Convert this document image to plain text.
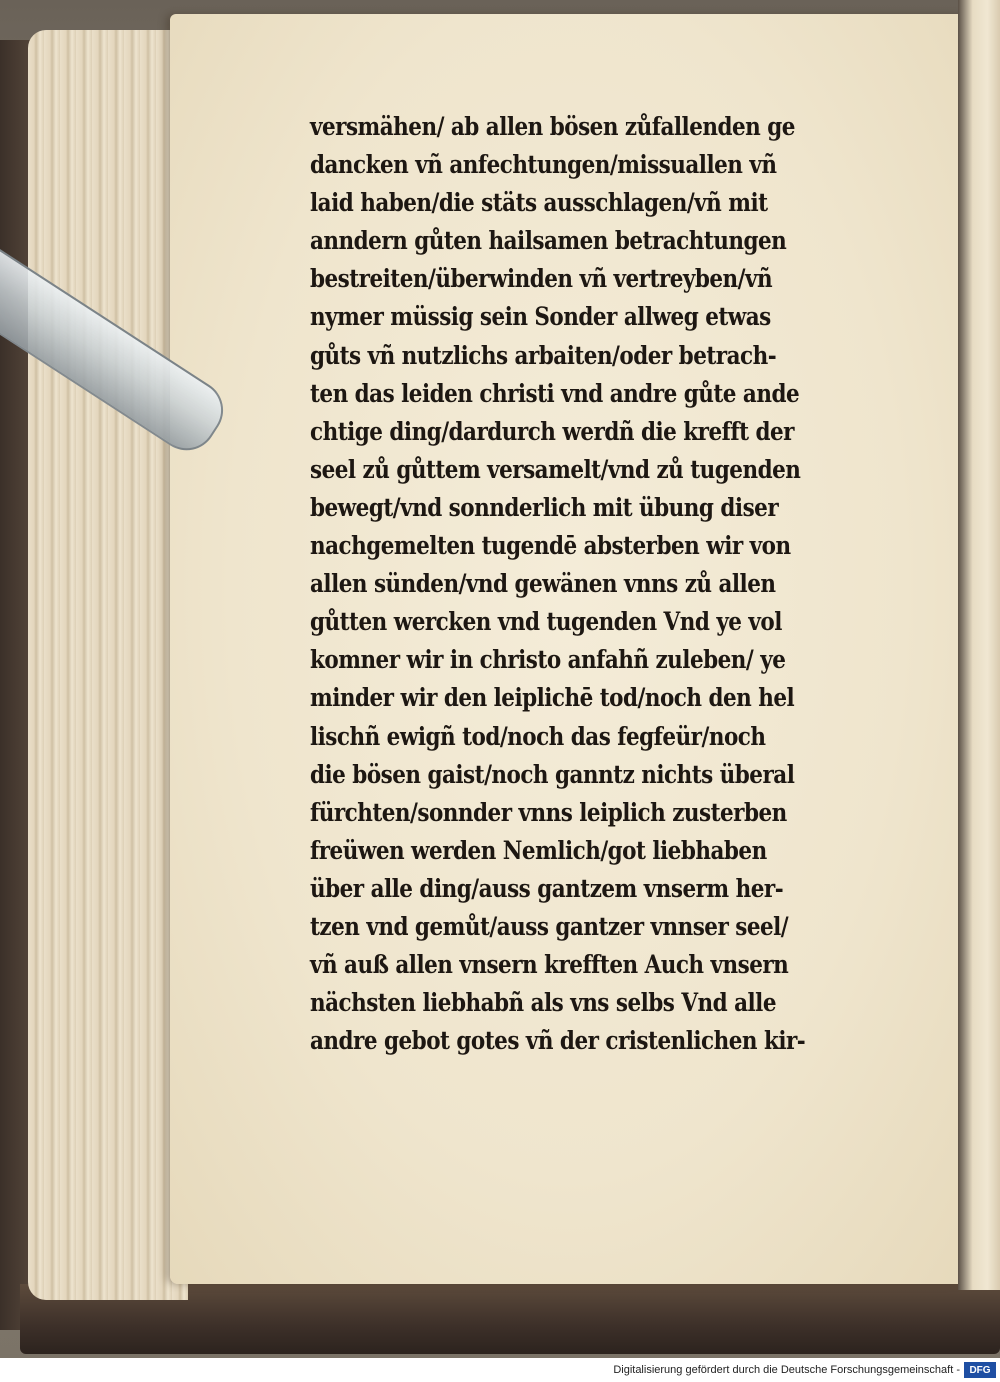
versmähen/ ab allen bösen zůfallenden ge
dancken vñ anfechtungen/missuallen vñ
laid haben/die stäts ausschlagen/vñ mit
anndern gůten hailsamen betrachtungen
bestreiten/überwinden vñ vertreyben/vñ
nymer müssig sein Sonder allweg etwas
gůts vñ nutzlichs arbaiten/oder betrach-
ten das leiden christi vnd andre gůte ande
chtige ding/dardurch werdñ die krefft der
seel zů gůttem versamelt/vnd zů tugenden
bewegt/vnd sonnderlich mit übung diser
nachgemelten tugendē absterben wir von
allen sünden/vnd gewänen vnns zů allen
gůtten wercken vnd tugenden Vnd ye vol
komner wir in christo anfahñ zuleben/ ye
minder wir den leiplichē tod/noch den hel
lischñ ewigñ tod/noch das fegfeür/noch
die bösen gaist/noch ganntz nichts überal
fürchten/sonnder vnns leiplich zusterben
freüwen werden Nemlich/got liebhaben
über alle ding/auss gantzem vnserm her-
tzen vnd gemůt/auss gantzer vnnser seel/
vñ auß allen vnsern krefften Auch vnsern
nächsten liebhabñ als vns selbs Vnd alle
andre gebot gotes vñ der cristenlichen kir-
Digitalisierung gefördert durch die Deutsche Forschungsgemeinschaft - DFG
